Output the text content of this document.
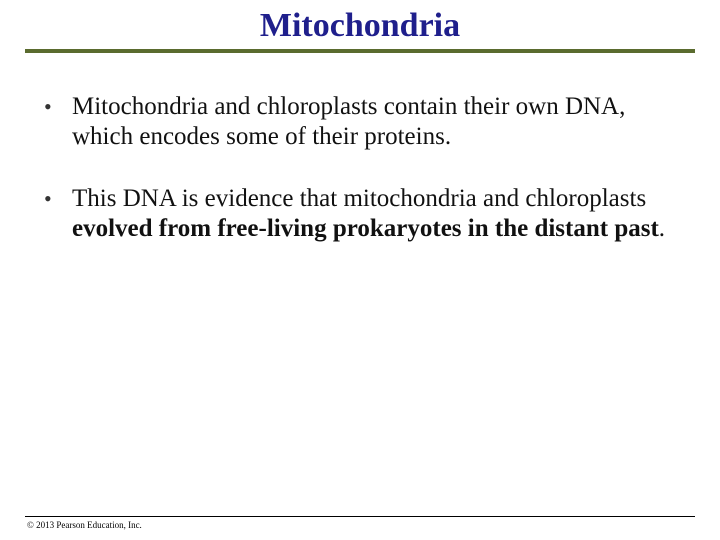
Mitochondria
• Mitochondria and chloroplasts contain their own DNA, which encodes some of their proteins.
• This DNA is evidence that mitochondria and chloroplasts evolved from free-living prokaryotes in the distant past.
© 2013 Pearson Education, Inc.
